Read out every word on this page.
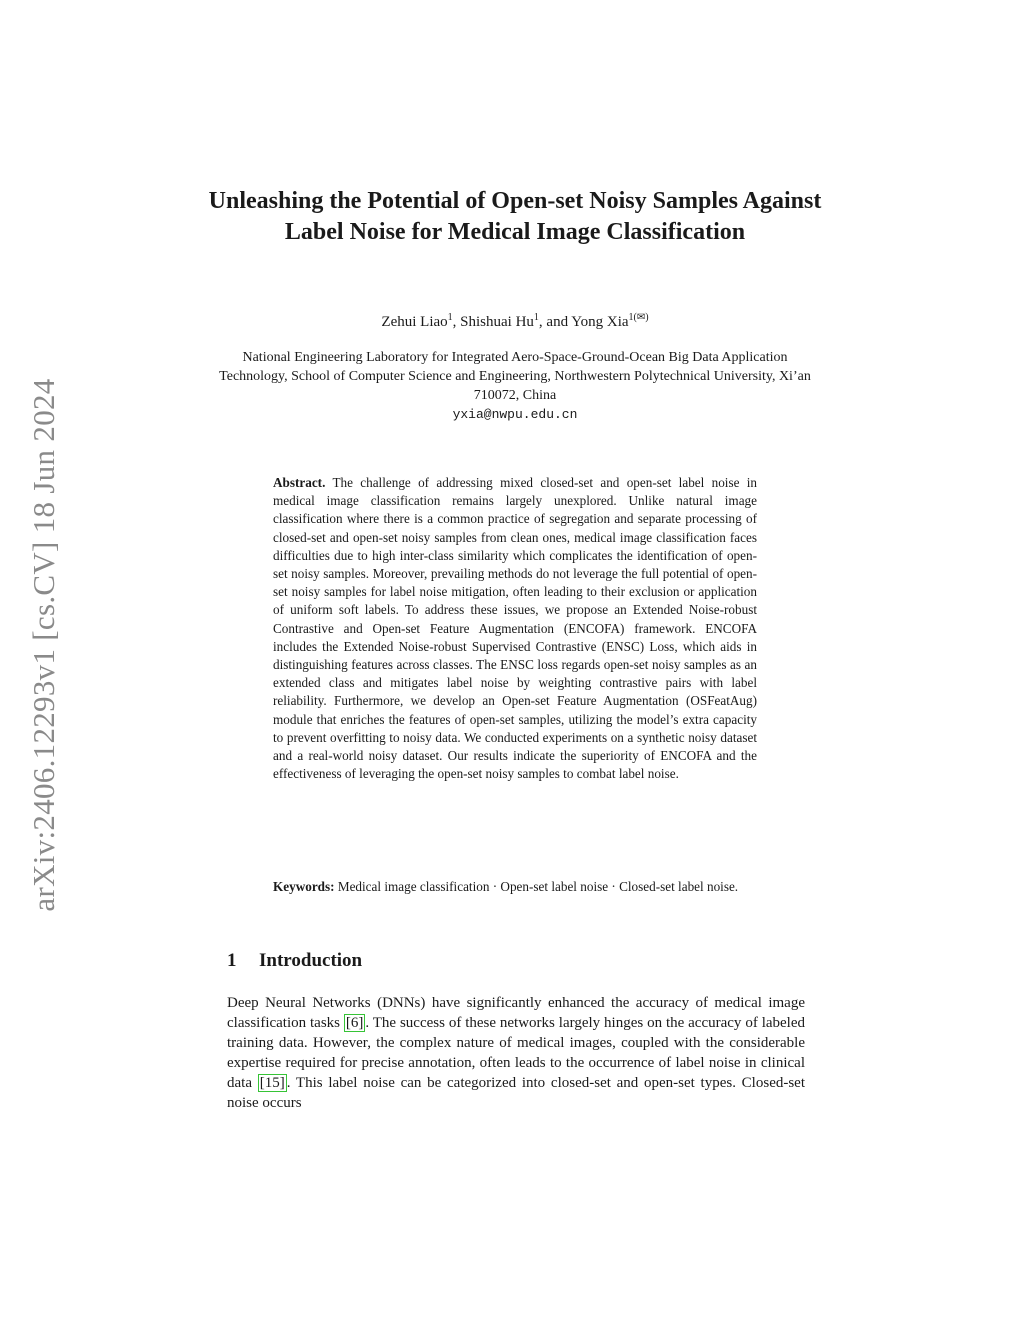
arXiv:2406.12293v1 [cs.CV] 18 Jun 2024
Unleashing the Potential of Open-set Noisy Samples Against Label Noise for Medical Image Classification
Zehui Liao$^1$, Shishuai Hu$^1$, and Yong Xia$^{1(✉)}$
National Engineering Laboratory for Integrated Aero-Space-Ground-Ocean Big Data Application Technology, School of Computer Science and Engineering, Northwestern Polytechnical University, Xi’an 710072, China
yxia@nwpu.edu.cn
Abstract. The challenge of addressing mixed closed-set and open-set label noise in medical image classification remains largely unexplored. Unlike natural image classification where there is a common practice of segregation and separate processing of closed-set and open-set noisy samples from clean ones, medical image classification faces difficulties due to high inter-class similarity which complicates the identification of open-set noisy samples. Moreover, prevailing methods do not leverage the full potential of open-set noisy samples for label noise mitigation, often leading to their exclusion or application of uniform soft labels. To address these issues, we propose an Extended Noise-robust Contrastive and Open-set Feature Augmentation (ENCOFA) framework. ENCOFA includes the Extended Noise-robust Supervised Contrastive (ENSC) Loss, which aids in distinguishing features across classes. The ENSC loss regards open-set noisy samples as an extended class and mitigates label noise by weighting contrastive pairs with label reliability. Furthermore, we develop an Open-set Feature Augmentation (OSFeatAug) module that enriches the features of open-set samples, utilizing the model’s extra capacity to prevent overfitting to noisy data. We conducted experiments on a synthetic noisy dataset and a real-world noisy dataset. Our results indicate the superiority of ENCOFA and the effectiveness of leveraging the open-set noisy samples to combat label noise.
Keywords: Medical image classification · Open-set label noise · Closed-set label noise.
1 Introduction
Deep Neural Networks (DNNs) have significantly enhanced the accuracy of medical image classification tasks [6] . The success of these networks largely hinges on the accuracy of labeled training data. However, the complex nature of medical images, coupled with the considerable expertise required for precise annotation, often leads to the occurrence of label noise in clinical data [15] . This label noise can be categorized into closed-set and open-set types. Closed-set noise occurs
